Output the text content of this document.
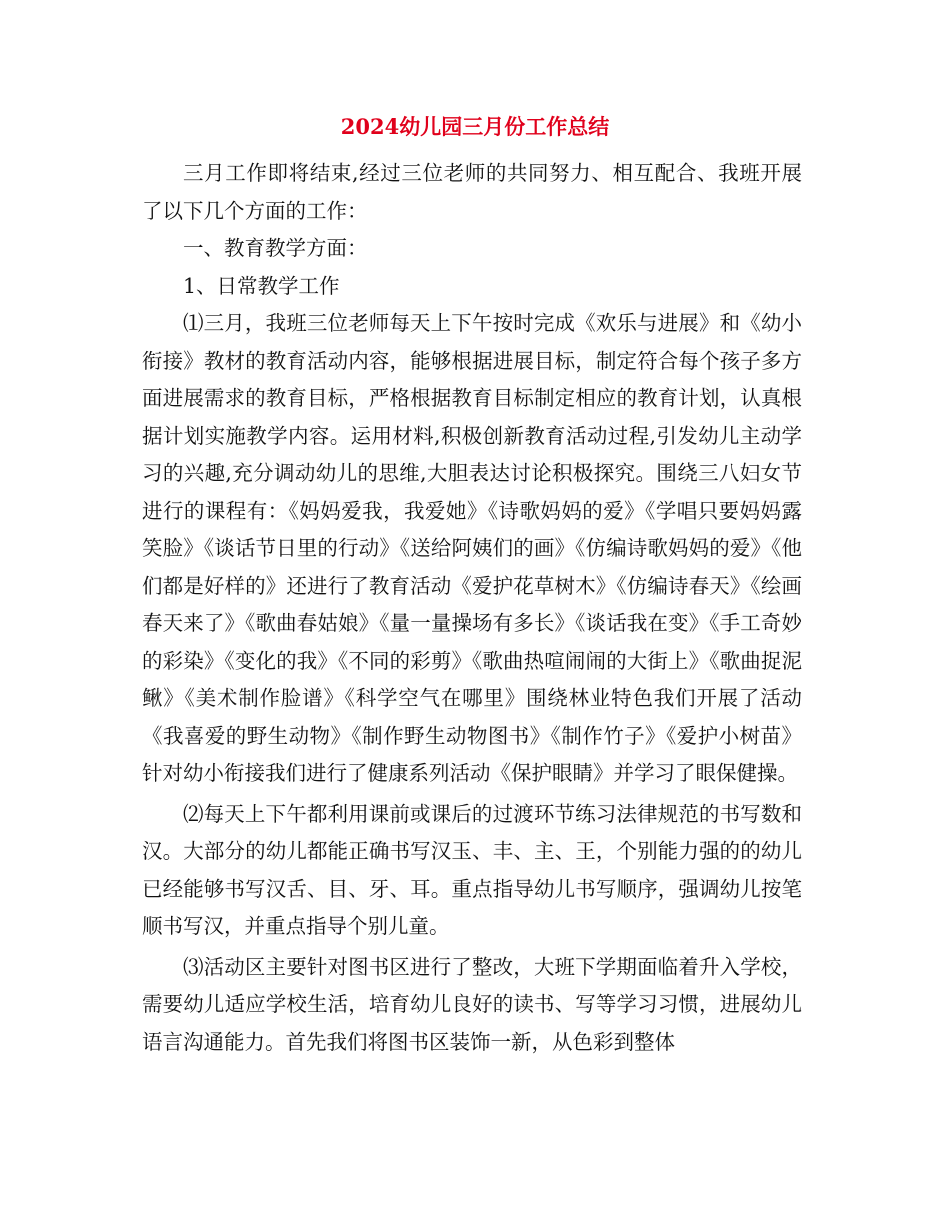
2024幼儿园三月份工作总结

三月工作即将结束,经过三位老师的共同努力、相互配合、我班开展了以下几个方面的工作：

一、教育教学方面：

1、日常教学工作

⑴三月，我班三位老师每天上下午按时完成《欢乐与进展》和《幼小衔接》教材的教育活动内容，能够根据进展目标，制定符合每个孩子多方面进展需求的教育目标，严格根据教育目标制定相应的教育计划，认真根据计划实施教学内容。运用材料,积极创新教育活动过程,引发幼儿主动学习的兴趣,充分调动幼儿的思维,大胆表达讨论积极探究。围绕三八妇女节进行的课程有：《妈妈爱我，我爱她》《诗歌妈妈的爱》《学唱只要妈妈露笑脸》《谈话节日里的行动》《送给阿姨们的画》《仿编诗歌妈妈的爱》《他们都是好样的》还进行了教育活动《爱护花草树木》《仿编诗春天》《绘画春天来了》《歌曲春姑娘》《量一量操场有多长》《谈话我在变》《手工奇妙的彩染》《变化的我》《不同的彩剪》《歌曲热喧闹闹的大街上》《歌曲捉泥鳅》《美术制作脸谱》《科学空气在哪里》围绕林业特色我们开展了活动《我喜爱的野生动物》《制作野生动物图书》《制作竹子》《爱护小树苗》针对幼小衔接我们进行了健康系列活动《保护眼睛》并学习了眼保健操。

⑵每天上下午都利用课前或课后的过渡环节练习法律规范的书写数和汉。大部分的幼儿都能正确书写汉玉、丰、主、王，个别能力强的的幼儿已经能够书写汉舌、目、牙、耳。重点指导幼儿书写顺序，强调幼儿按笔顺书写汉，并重点指导个别儿童。

⑶活动区主要针对图书区进行了整改，大班下学期面临着升入学校，需要幼儿适应学校生活，培育幼儿良好的读书、写等学习习惯，进展幼儿语言沟通能力。首先我们将图书区装饰一新，从色彩到整体
